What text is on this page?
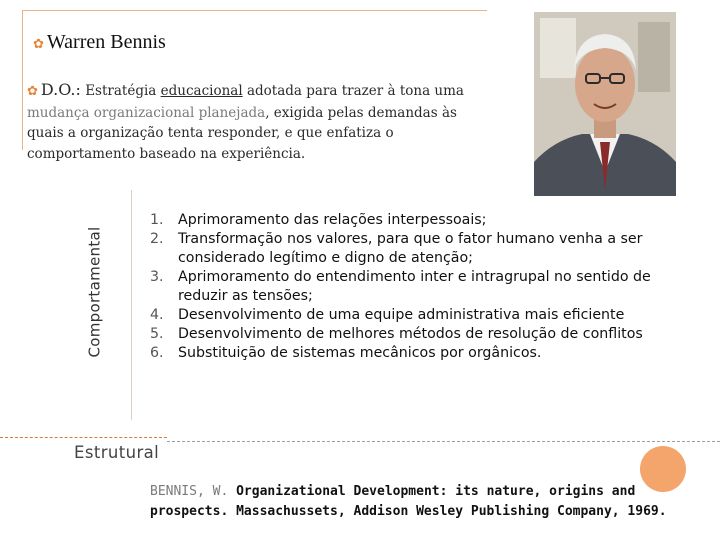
✿ Warren Bennis
✿ D.O.: Estratégia educacional adotada para trazer à tona uma mudança organizacional planejada, exigida pelas demandas às quais a organização tenta responder, e que enfatiza o comportamento baseado na experiência.
Comportamental
1.	Aprimoramento das relações interpessoais;
2.	Transformação nos valores, para que o fator humano venha a ser considerado legítimo e digno de atenção;
3.	Aprimoramento do entendimento inter e intragrupal no sentido de reduzir as tensões;
4.	Desenvolvimento de uma equipe administrativa mais eficiente
5.	Desenvolvimento de melhores métodos de resolução de conflitos
6.	Substituição de sistemas mecânicos por orgânicos.
Estrutural
BENNIS, W. Organizational Development: its nature, origins and prospects. Massachussets, Addison Wesley Publishing Company, 1969.
